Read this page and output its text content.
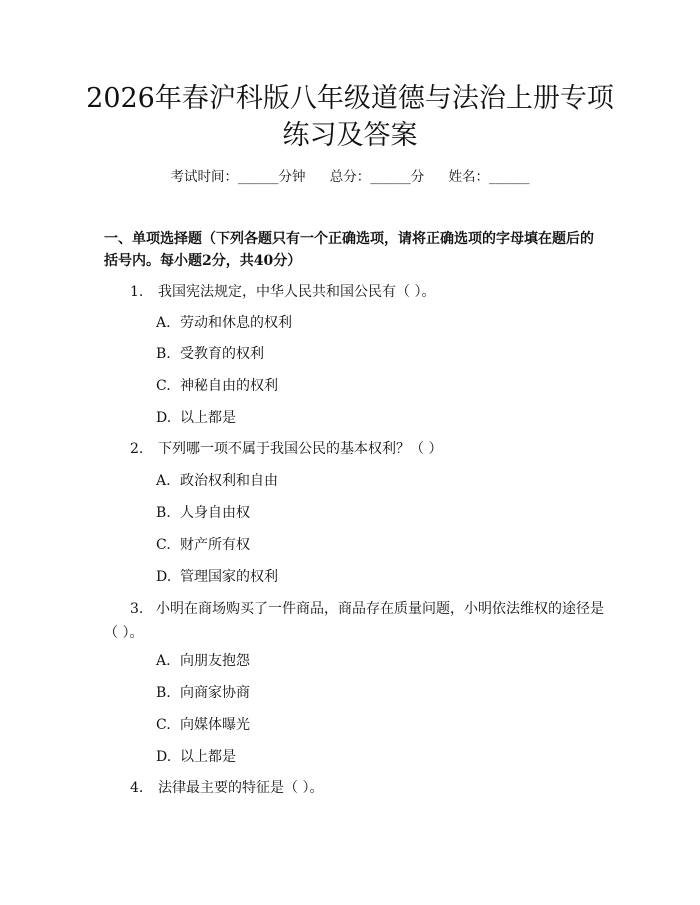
2026年春沪科版八年级道德与法治上册专项
练习及答案
考试时间：______分钟 总分：______分 姓名：______

一、单项选择题（下列各题只有一个正确选项，请将正确选项的字母填在题后的括号内。每小题2分，共40分）

1. 我国宪法规定，中华人民共和国公民有（ ）。
A. 劳动和休息的权利
B. 受教育的权利
C. 神秘自由的权利
D. 以上都是
2. 下列哪一项不属于我国公民的基本权利？（ ）
A. 政治权利和自由
B. 人身自由权
C. 财产所有权
D. 管理国家的权利
3. 小明在商场购买了一件商品，商品存在质量问题，小明依法维权的途径是（ ）。
A. 向朋友抱怨
B. 向商家协商
C. 向媒体曝光
D. 以上都是
4. 法律最主要的特征是（ ）。
